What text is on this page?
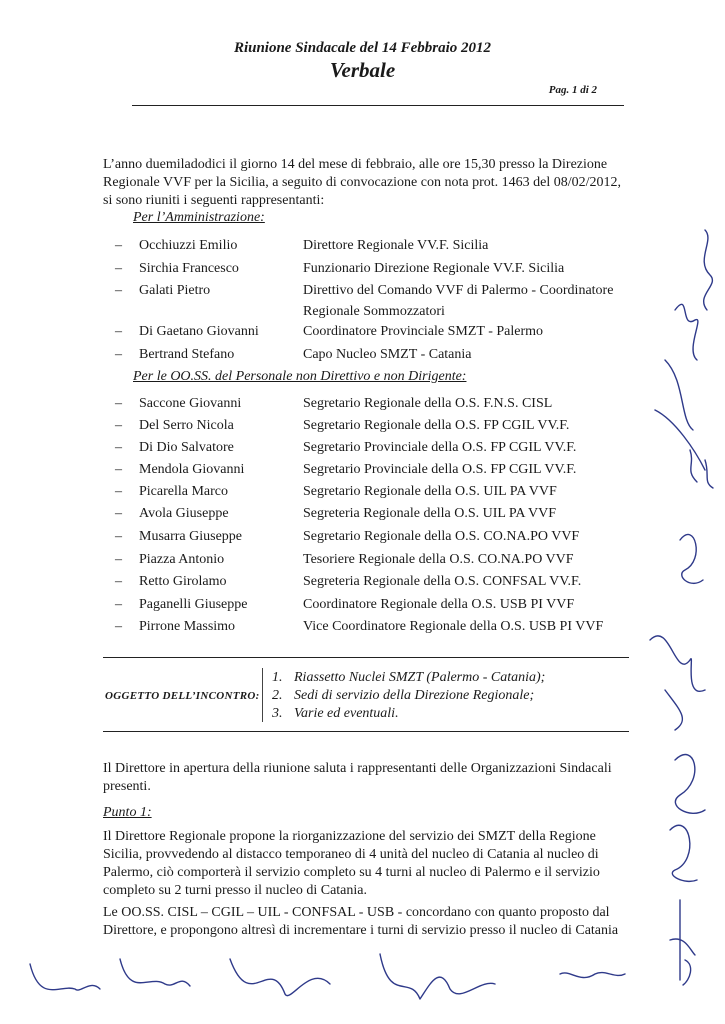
Riunione Sindacale del 14 Febbraio 2012
Verbale
Pag. 1 di 2
L’anno duemiladodici il giorno 14 del mese di febbraio, alle ore 15,30 presso la Direzione
Regionale VVF per la Sicilia, a seguito di convocazione con nota prot. 1463 del 08/02/2012,
si sono riuniti i seguenti rappresentanti:
Per l’Amministrazione:
– Occhiuzzi Emilio	Direttore Regionale VV.F. Sicilia
– Sirchia Francesco	Funzionario Direzione Regionale VV.F. Sicilia
– Galati Pietro	Direttivo del Comando VVF di Palermo - Coordinatore
Regionale Sommozzatori
– Di Gaetano Giovanni	Coordinatore Provinciale SMZT - Palermo
– Bertrand Stefano	Capo Nucleo SMZT - Catania
Per le OO.SS. del Personale non Direttivo e non Dirigente:
– Saccone Giovanni	Segretario Regionale della O.S. F.N.S. CISL
– Del Serro Nicola	Segretario Regionale della O.S. FP CGIL VV.F.
– Di Dio Salvatore	Segretario Provinciale della O.S. FP CGIL VV.F.
– Mendola Giovanni	Segretario Provinciale della O.S. FP CGIL VV.F.
– Picarella Marco	Segretario Regionale della O.S. UIL PA VVF
– Avola Giuseppe	Segreteria Regionale della O.S. UIL PA VVF
– Musarra Giuseppe	Segretario Regionale della O.S. CO.NA.PO VVF
– Piazza Antonio	Tesoriere Regionale della O.S. CO.NA.PO VVF
– Retto Girolamo	Segreteria Regionale della O.S. CONFSAL VV.F.
– Paganelli Giuseppe	Coordinatore Regionale della O.S. USB PI VVF
– Pirrone Massimo	Vice Coordinatore Regionale della O.S. USB PI VVF
OGGETTO DELL’INCONTRO:
1. Riassetto Nuclei SMZT (Palermo - Catania);
2. Sedi di servizio della Direzione Regionale;
3. Varie ed eventuali.
Il Direttore in apertura della riunione saluta i rappresentanti delle Organizzazioni Sindacali
presenti.
Punto 1:
Il Direttore Regionale propone la riorganizzazione del servizio dei SMZT della Regione
Sicilia, provvedendo al distacco temporaneo di 4 unità del nucleo di Catania al nucleo di
Palermo, ciò comporterà il servizio completo su 4 turni al nucleo di Palermo e il servizio
completo su 2 turni presso il nucleo di Catania.
Le OO.SS. CISL – CGIL – UIL - CONFSAL - USB - concordano con quanto proposto dal
Direttore, e propongono altresì di incrementare i turni di servizio presso il nucleo di Catania
